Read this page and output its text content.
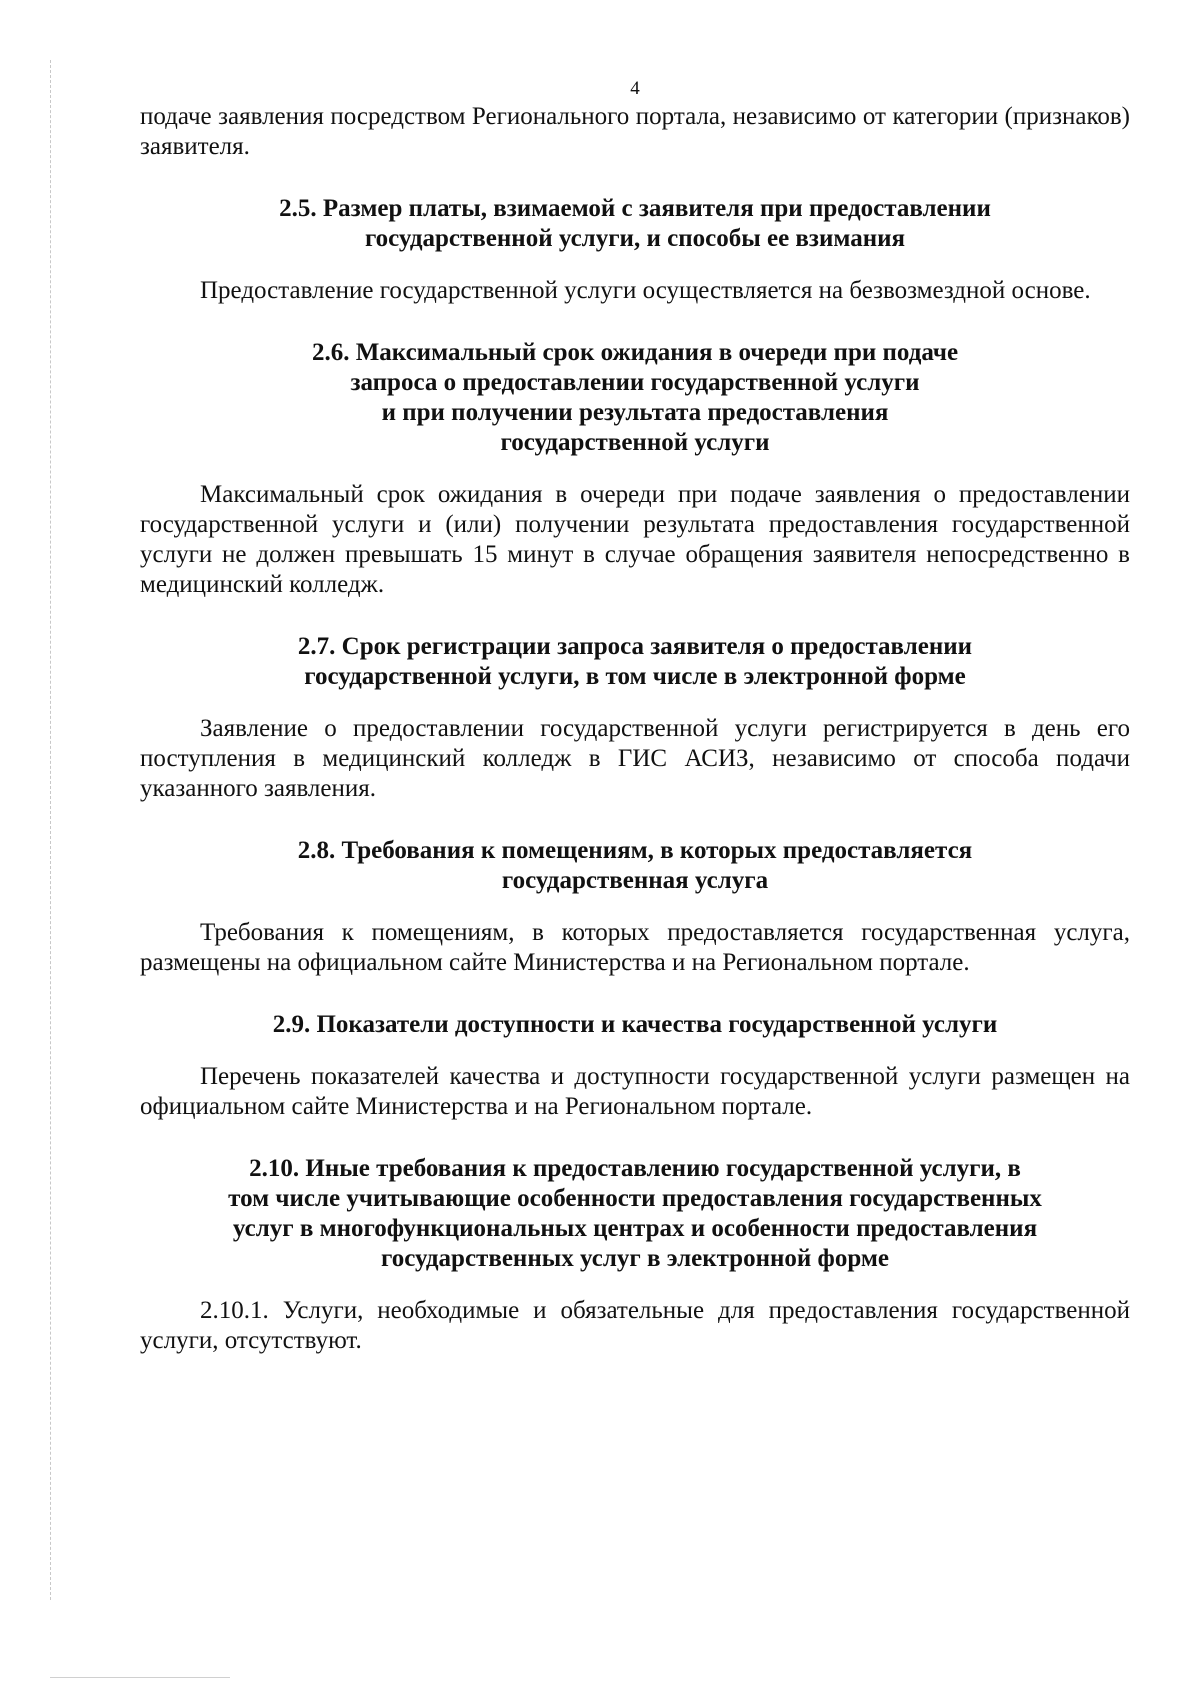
4

подаче заявления посредством Регионального портала, независимо от категории (признаков) заявителя.

2.5. Размер платы, взимаемой с заявителя при предоставлении
государственной услуги, и способы ее взимания

Предоставление государственной услуги осуществляется на безвозмездной основе.

2.6. Максимальный срок ожидания в очереди при подаче
запроса о предоставлении государственной услуги
и при получении результата предоставления
государственной услуги

Максимальный срок ожидания в очереди при подаче заявления о предоставлении государственной услуги и (или) получении результата предоставления государственной услуги не должен превышать 15 минут в случае обращения заявителя непосредственно в медицинский колледж.

2.7. Срок регистрации запроса заявителя о предоставлении
государственной услуги, в том числе в электронной форме

Заявление о предоставлении государственной услуги регистрируется в день его поступления в медицинский колледж в ГИС АСИЗ, независимо от способа подачи указанного заявления.

2.8. Требования к помещениям, в которых предоставляется
государственная услуга

Требования к помещениям, в которых предоставляется государственная услуга, размещены на официальном сайте Министерства и на Региональном портале.

2.9. Показатели доступности и качества государственной услуги

Перечень показателей качества и доступности государственной услуги размещен на официальном сайте Министерства и на Региональном портале.

2.10. Иные требования к предоставлению государственной услуги, в
том числе учитывающие особенности предоставления государственных
услуг в многофункциональных центрах и особенности предоставления
государственных услуг в электронной форме

2.10.1. Услуги, необходимые и обязательные для предоставления государственной услуги, отсутствуют.
